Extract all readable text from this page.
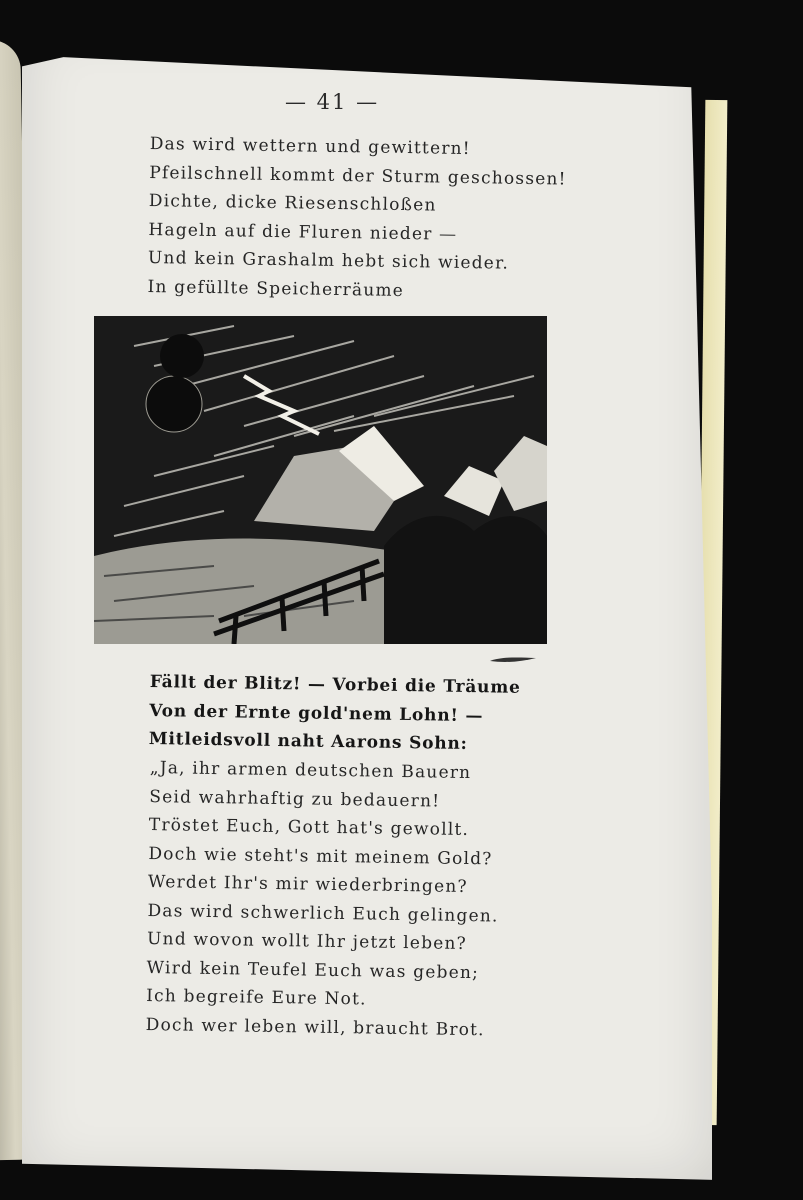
— 41 —
Das wird wettern und gewittern!
Pfeilschnell kommt der Sturm geschossen!
Dichte, dicke Riesenschloßen
Hageln auf die Fluren nieder —
Und kein Grashalm hebt sich wieder.
In gefüllte Speicherräume
Fällt der Blitz! — Vorbei die Träume
Von der Ernte gold'nem Lohn! —
Mitleidsvoll naht Aarons Sohn:
„Ja, ihr armen deutschen Bauern
Seid wahrhaftig zu bedauern!
Tröstet Euch, Gott hat's gewollt.
Doch wie steht's mit meinem Gold?
Werdet Ihr's mir wiederbringen?
Das wird schwerlich Euch gelingen.
Und wovon wollt Ihr jetzt leben?
Wird kein Teufel Euch was geben;
Ich begreife Eure Not.
Doch wer leben will, braucht Brot.
